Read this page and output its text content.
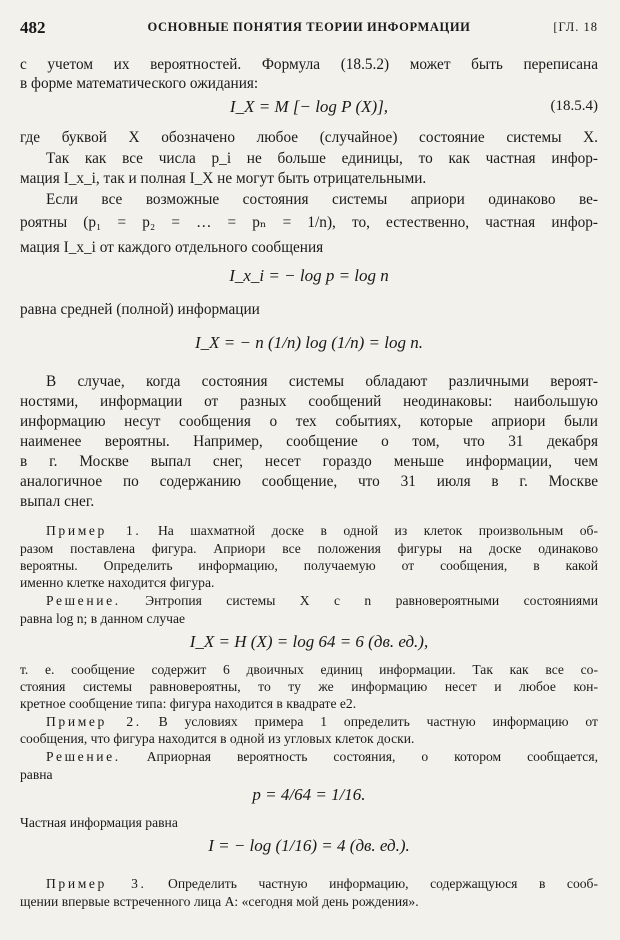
482	ОСНОВНЫЕ ПОНЯТИЯ ТЕОРИИ ИНФОРМАЦИИ	[ГЛ. 18
с учетом их вероятностей. Формула (18.5.2) может быть переписана
в форме математического ожидания:
I_X = M [− log P (X)],	(18.5.4)
где буквой X обозначено любое (случайное) состояние системы X.
Так как все числа p_i не больше единицы, то как частная инфор-
мация I_x_i, так и полная I_X не могут быть отрицательными.
Если все возможные состояния системы априори одинаково ве-
роятны (p₁ = p₂ = … = pₙ = 1/n), то, естественно, частная инфор-
мация I_x_i от каждого отдельного сообщения
I_x_i = − log p = log n
равна средней (полной) информации
I_X = − n (1/n) log (1/n) = log n.
В случае, когда состояния системы обладают различными вероят-
ностями, информации от разных сообщений неодинаковы: наибольшую
информацию несут сообщения о тех событиях, которые априори были
наименее вероятны. Например, сообщение о том, что 31 декабря
в г. Москве выпал снег, несет гораздо меньше информации, чем
аналогичное по содержанию сообщение, что 31 июля в г. Москве
выпал снег.
Пример 1. На шахматной доске в одной из клеток произвольным об-
разом поставлена фигура. Априори все положения фигуры на доске одинаково
вероятны. Определить информацию, получаемую от сообщения, в какой
именно клетке находится фигура.
Решение. Энтропия системы X с n равновероятными состояниями
равна log n; в данном случае
I_X = H (X) = log 64 = 6 (дв. ед.),
т. е. сообщение содержит 6 двоичных единиц информации. Так как все со-
стояния системы равновероятны, то ту же информацию несет и любое кон-
кретное сообщение типа: фигура находится в квадрате е2.
Пример 2. В условиях примера 1 определить частную информацию от
сообщения, что фигура находится в одной из угловых клеток доски.
Решение. Априорная вероятность состояния, о котором сообщается,
равна
p = 4/64 = 1/16.
Частная информация равна
I = − log (1/16) = 4 (дв. ед.).
Пример 3. Определить частную информацию, содержащуюся в сооб-
щении впервые встреченного лица A: «сегодня мой день рождения».
